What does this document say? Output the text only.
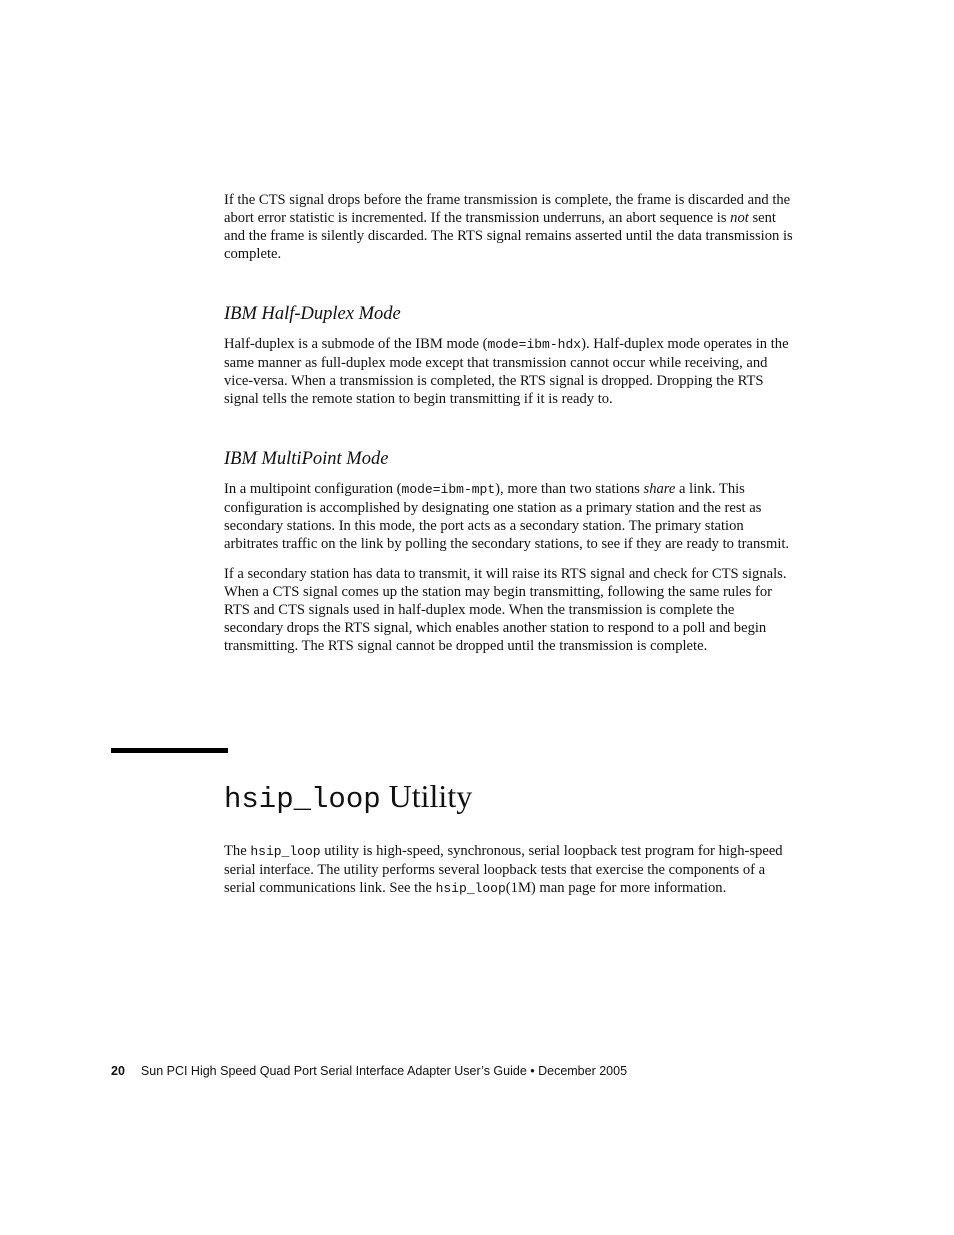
If the CTS signal drops before the frame transmission is complete, the frame is discarded and the abort error statistic is incremented. If the transmission underruns, an abort sequence is not sent and the frame is silently discarded. The RTS signal remains asserted until the data transmission is complete.

IBM Half-Duplex Mode

Half-duplex is a submode of the IBM mode (mode=ibm-hdx). Half-duplex mode operates in the same manner as full-duplex mode except that transmission cannot occur while receiving, and vice-versa. When a transmission is completed, the RTS signal is dropped. Dropping the RTS signal tells the remote station to begin transmitting if it is ready to.

IBM MultiPoint Mode

In a multipoint configuration (mode=ibm-mpt), more than two stations share a link. This configuration is accomplished by designating one station as a primary station and the rest as secondary stations. In this mode, the port acts as a secondary station. The primary station arbitrates traffic on the link by polling the secondary stations, to see if they are ready to transmit.

If a secondary station has data to transmit, it will raise its RTS signal and check for CTS signals. When a CTS signal comes up the station may begin transmitting, following the same rules for RTS and CTS signals used in half-duplex mode. When the transmission is complete the secondary drops the RTS signal, which enables another station to respond to a poll and begin transmitting. The RTS signal cannot be dropped until the transmission is complete.

hsip_loop Utility

The hsip_loop utility is high-speed, synchronous, serial loopback test program for high-speed serial interface. The utility performs several loopback tests that exercise the components of a serial communications link. See the hsip_loop(1M) man page for more information.

20 Sun PCI High Speed Quad Port Serial Interface Adapter User’s Guide • December 2005
